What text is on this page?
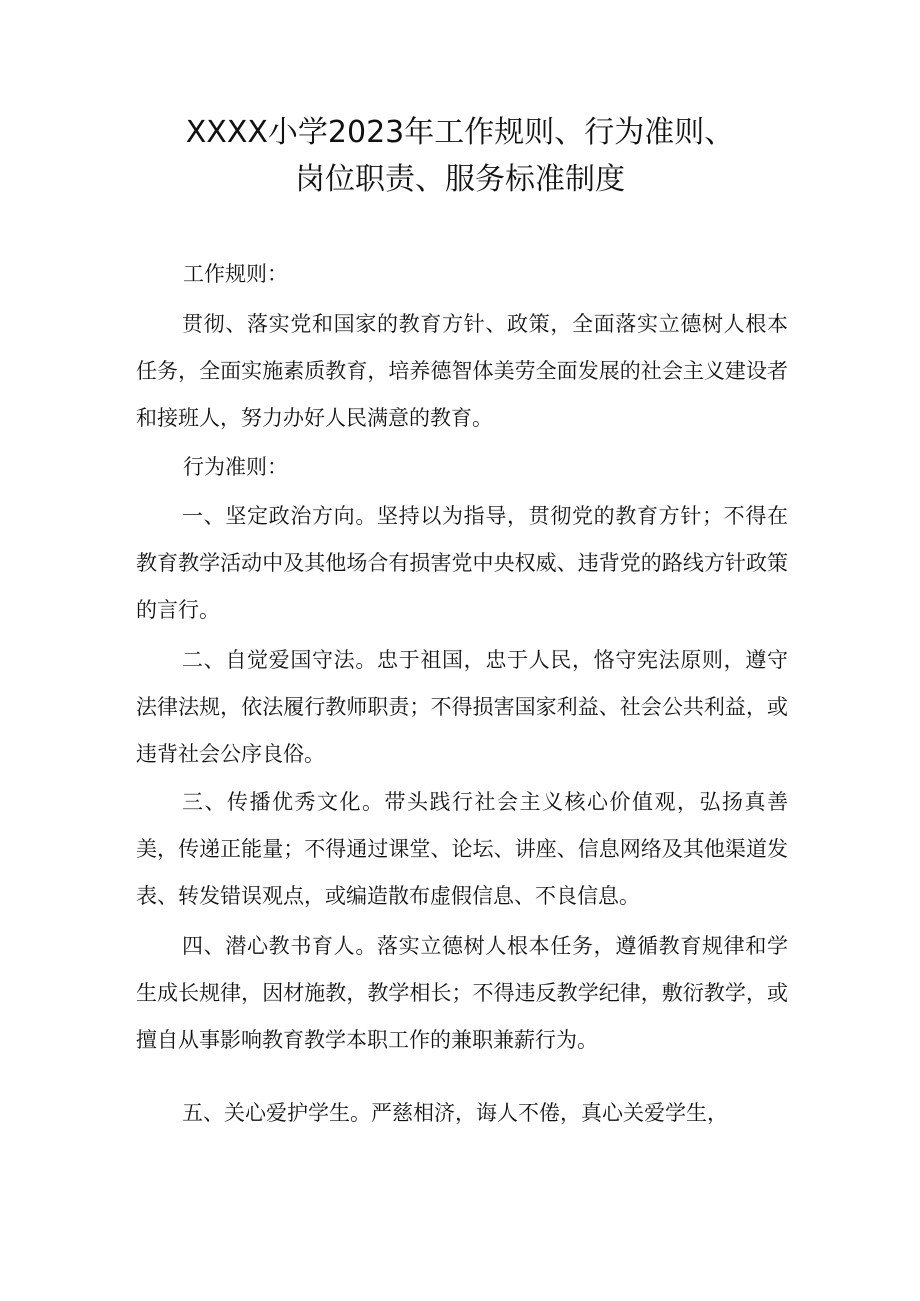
XXXX小学2023年工作规则、行为准则、
岗位职责、服务标准制度
工作规则：
贯彻、落实党和国家的教育方针、政策，全面落实立德树人根本任务，全面实施素质教育，培养德智体美劳全面发展的社会主义建设者和接班人，努力办好人民满意的教育。
行为准则：
一、坚定政治方向。坚持以为指导，贯彻党的教育方针；不得在教育教学活动中及其他场合有损害党中央权威、违背党的路线方针政策的言行。
二、自觉爱国守法。忠于祖国，忠于人民，恪守宪法原则，遵守法律法规，依法履行教师职责；不得损害国家利益、社会公共利益，或违背社会公序良俗。
三、传播优秀文化。带头践行社会主义核心价值观，弘扬真善美，传递正能量；不得通过课堂、论坛、讲座、信息网络及其他渠道发表、转发错误观点，或编造散布虚假信息、不良信息。
四、潜心教书育人。落实立德树人根本任务，遵循教育规律和学生成长规律，因材施教，教学相长；不得违反教学纪律，敷衍教学，或擅自从事影响教育教学本职工作的兼职兼薪行为。
五、关心爱护学生。严慈相济，诲人不倦，真心关爱学生，
